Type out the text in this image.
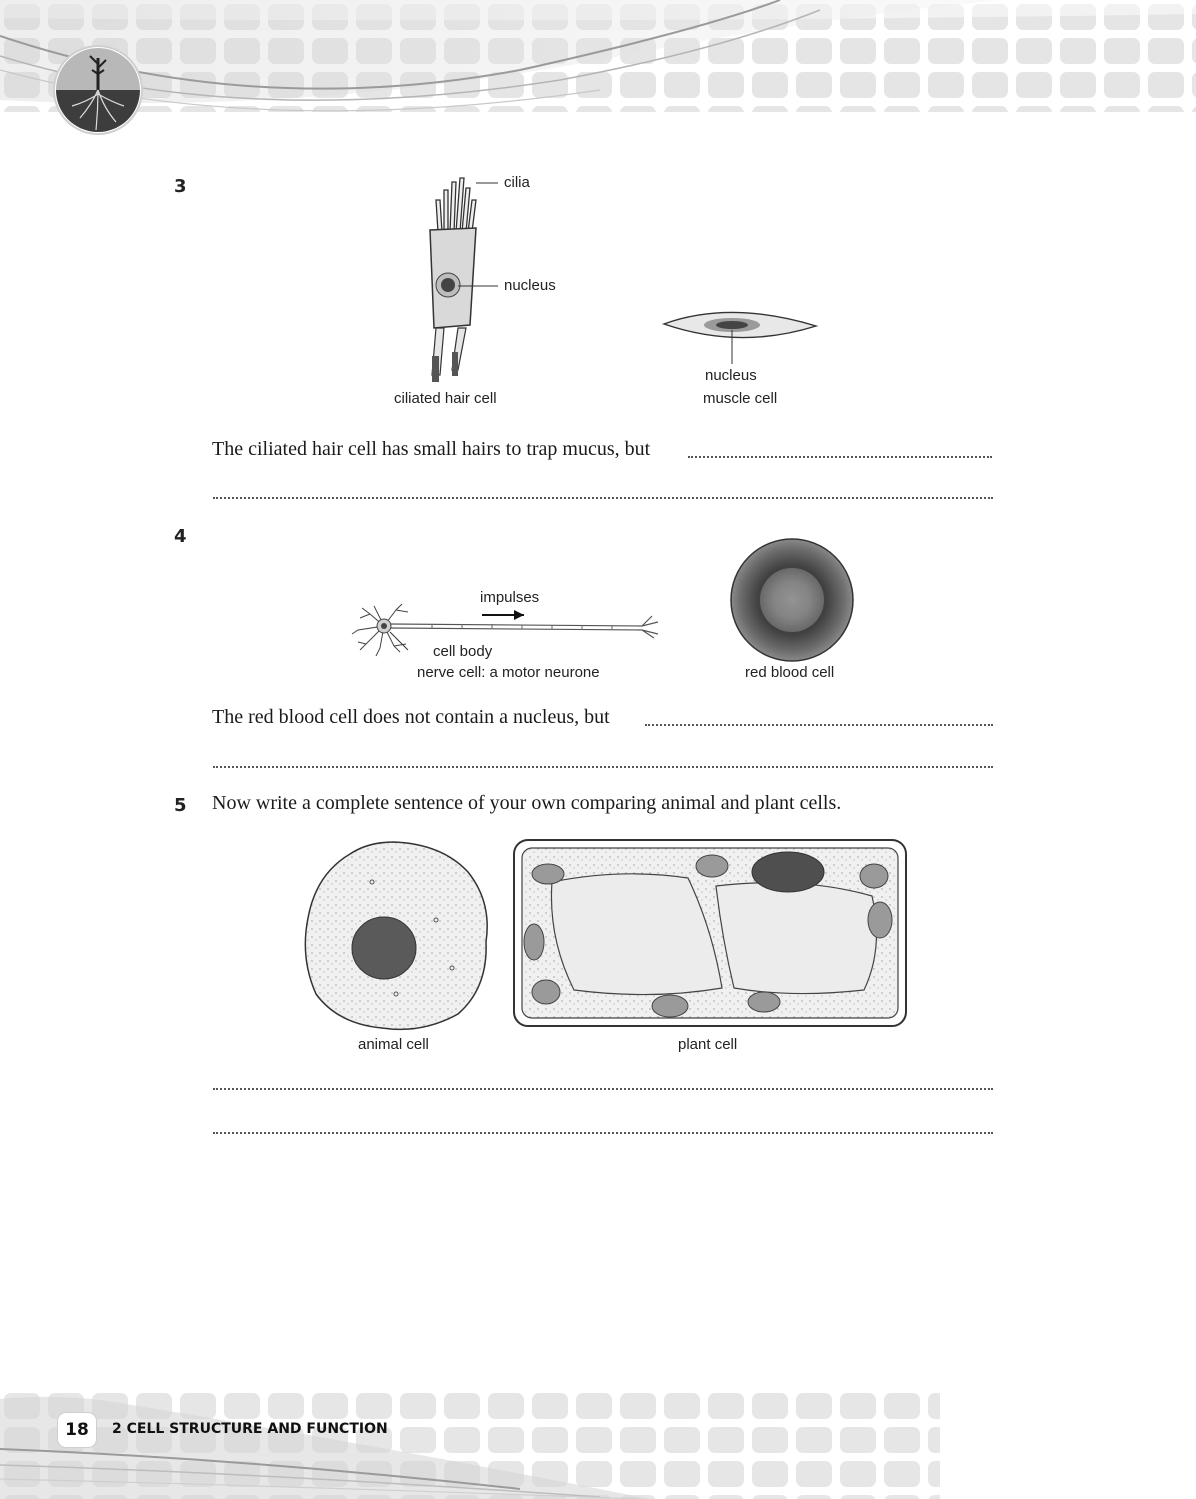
3	cilia
nucleus
ciliated hair cell
nucleus
muscle cell
The ciliated hair cell has small hairs to trap mucus, but
4
impulses
cell body
nerve cell: a motor neurone	red blood cell
The red blood cell does not contain a nucleus, but
5 Now write a complete sentence of your own comparing animal and plant cells.
animal cell	plant cell
18	2 CELL STRUCTURE AND FUNCTION
